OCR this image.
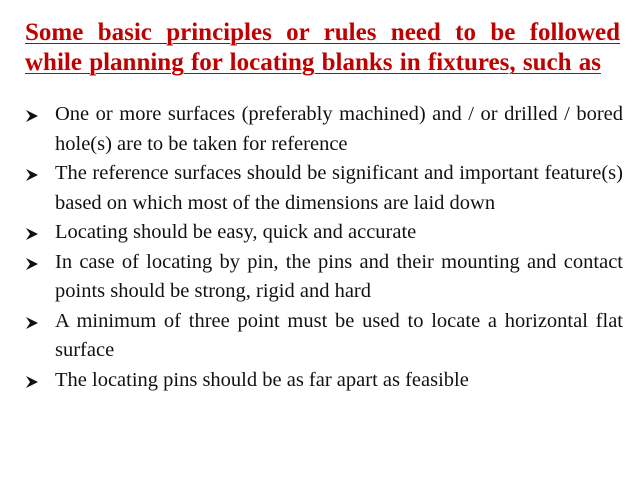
Some basic principles or rules need to be followed
while planning for locating blanks in fixtures, such as
One or more surfaces (preferably machined) and / or drilled / bored hole(s) are to be taken for reference
The reference surfaces should be significant and important feature(s) based on which most of the dimensions are laid down
Locating should be easy, quick and accurate
In case of locating by pin, the pins and their mounting and contact points should be strong, rigid and hard
A minimum of three point must be used to locate a horizontal flat surface
The locating pins should be as far apart as feasible
